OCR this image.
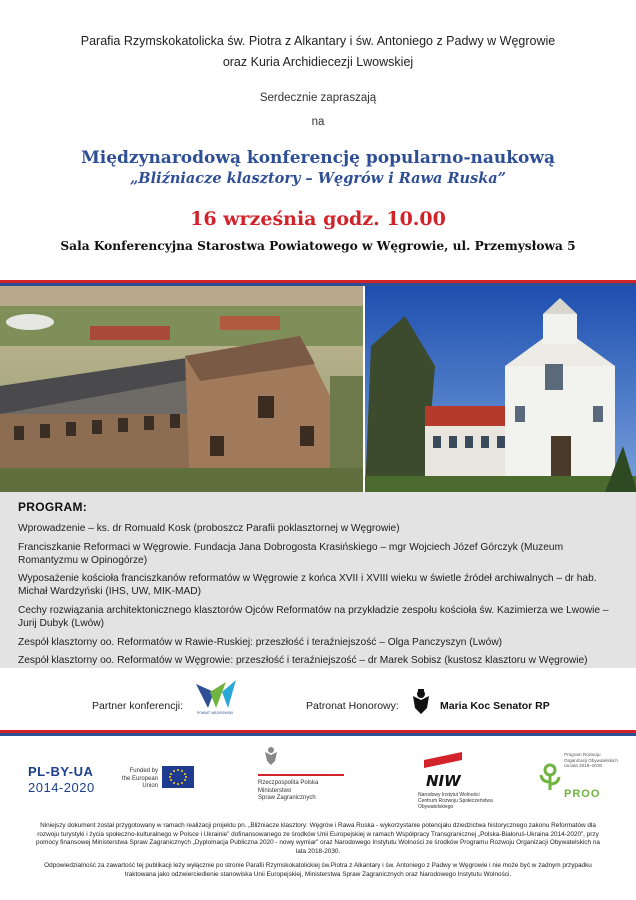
Parafia Rzymskokatolicka św. Piotra z Alkantary i św. Antoniego z Padwy w Węgrowie
oraz Kuria Archidiecezji Lwowskiej
Serdecznie zapraszają
na
Międzynarodową konferencję popularno-naukową
„Bliźniacze klasztory – Węgrów i Rawa Ruska”
16 września godz. 10.00
Sala Konferencyjna Starostwa Powiatowego w Węgrowie, ul. Przemysłowa 5
PROGRAM:
Wprowadzenie – ks. dr Romuald Kosk (proboszcz Parafii poklasztornej w Węgrowie)
Franciszkanie Reformaci w Węgrowie. Fundacja Jana Dobrogosta Krasińskiego – mgr Wojciech Józef Górczyk (Muzeum Romantyzmu w Opinogórze)
Wyposażenie kościoła franciszkanów reformatów w Węgrowie z końca XVII i XVIII wieku w świetle źródeł archiwalnych – dr hab. Michał Wardzyński (IHS, UW, MIK-MAD)
Cechy rozwiązania architektonicznego klasztorów Ojców Reformatów na przykładzie zespołu kościoła św. Kazimierza we Lwowie – Jurij Dubyk (Lwów)
Zespół klasztorny oo. Reformatów w Rawie-Ruskiej: przeszłość i teraźniejszość – Olga Panczyszyn (Lwów)
Zespół klasztorny oo. Reformatów w Węgrowie: przeszłość i teraźniejszość – dr Marek Sobisz (kustosz klasztoru w Węgrowie)
Partner konferencji:
POWIAT WĘGROWSKI
Patronat Honorowy:	Maria Koc Senator RP
PL-BY-UA
2014-2020
Funded by the European Union	Rzeczpospolita Polska
Ministerstwo
Spraw Zagranicznych
NIW
Narodowy Instytut Wolności
Centrum Rozwoju Społeczeństwa Obywatelskiego
Program Rozwoju Organizacji Obywatelskich na lata 2018–2030
PROO

Niniejszy dokument został przygotowany w ramach realizacji projektu pn. „Bliźniacze klasztory: Węgrów i Rawa Ruska - wykorzystanie potencjału dziedzictwa historycznego zakonu Reformatów dla rozwoju turystyki i życia społeczno-kulturalnego w Polsce i Ukrainie” dofinansowanego ze środków Unii Europejskiej w ramach Współpracy Transgranicznej „Polska-Białoruś-Ukraina 2014-2020”, przy pomocy finansowej Ministerstwa Spraw Zagranicznych „Dyplomacja Publiczna 2020 - nowy wymiar” oraz Narodowego Instytutu Wolności ze środków Programu Rozwoju Organizacji Obywatelskich na lata 2018-2030.

Odpowiedzialność za zawartość tej publikacji leży wyłącznie po stronie Parafii Rzymskokatolickiej św.Piotra z Alkantary i św. Antoniego z Padwy w Węgrowie i nie może być w żadnym przypadku traktowana jako odzwierciedlenie stanowiska Unii Europejskiej, Ministerstwa Spraw Zagranicznych oraz Narodowego Instytutu Wolności.
